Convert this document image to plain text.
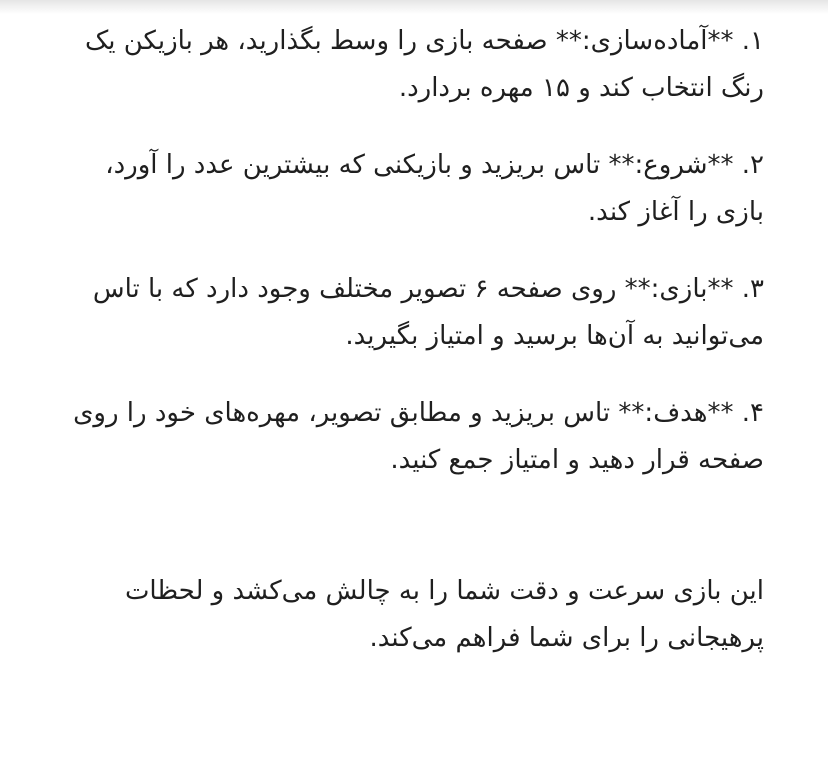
۱. **آماده‌سازی:** صفحه بازی را وسط بگذارید، هر بازیکن یک رنگ انتخاب کند و ۱۵ مهره بردارد.

۲. **شروع:** تاس بریزید و بازیکنی که بیشترین عدد را آورد، بازی را آغاز کند.

۳. **بازی:** روی صفحه ۶ تصویر مختلف وجود دارد که با تاس می‌توانید به آن‌ها برسید و امتیاز بگیرید.

۴. **هدف:** تاس بریزید و مطابق تصویر، مهره‌های خود را روی صفحه قرار دهید و امتیاز جمع کنید.

این بازی سرعت و دقت شما را به چالش می‌کشد و لحظات پرهیجانی را برای شما فراهم می‌کند.
